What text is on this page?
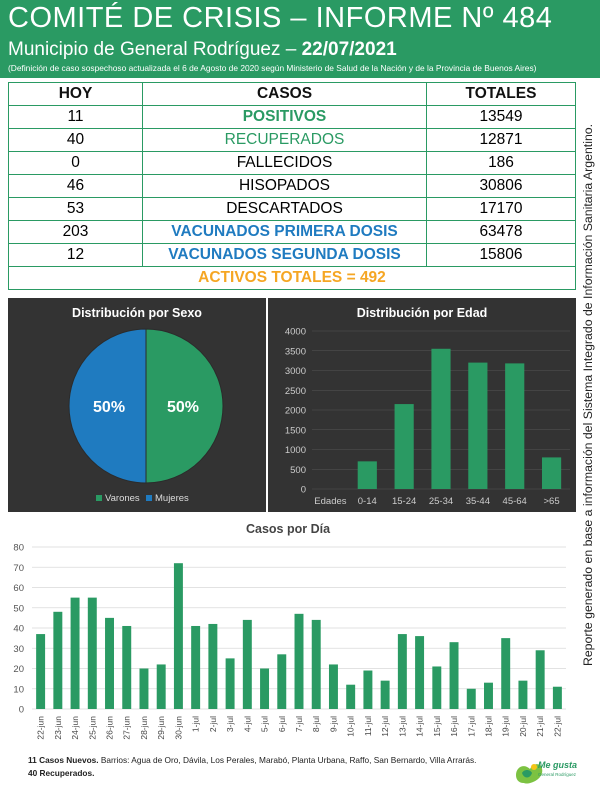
COMITÉ DE CRISIS – INFORME Nº 484
Municipio de General Rodríguez – 22/07/2021
(Definición de caso sospechoso actualizada el 6 de Agosto de 2020 según Ministerio de Salud de la Nación y de la Provincia de Buenos Aires)
HOY	CASOS	TOTALES
11	POSITIVOS	13549
40	RECUPERADOS	12871
0	FALLECIDOS	186
46	HISOPADOS	30806
53	DESCARTADOS	17170
203	VACUNADOS PRIMERA DOSIS	63478
12	VACUNADOS SEGUNDA DOSIS	15806
ACTIVOS TOTALES = 492		
Distribución por Sexo
50%
50%
Varones Mujeres
Distribución por Edad
0
500
1000
1500
2000
2500
3000
3500
4000
Edades 0-14 15-24 25-34 35-44 45-64 >65
Casos por Día
0
10
20
30
40
50
60
70
80
22-jun 23-jun 24-jun 25-jun 26-jun 27-jun 28-jun 29-jun 30-jun 1-jul 2-jul 3-jul 4-jul 5-jul 6-jul 7-jul 8-jul 9-jul 10-jul 11-jul 12-jul 13-jul 14-jul 15-jul 16-jul 17-jul 18-jul 19-jul 20-jul 21-jul 22-jul
Reporte generado en base a información del Sistema Integrado de Información Sanitaria Argentino.
11 Casos Nuevos. Barrios: Agua de Oro, Dávila, Los Perales, Marabó, Planta Urbana, Raffo, San Bernardo, Villa Arrarás.
40 Recuperados.
Me gusta
General Rodríguez
